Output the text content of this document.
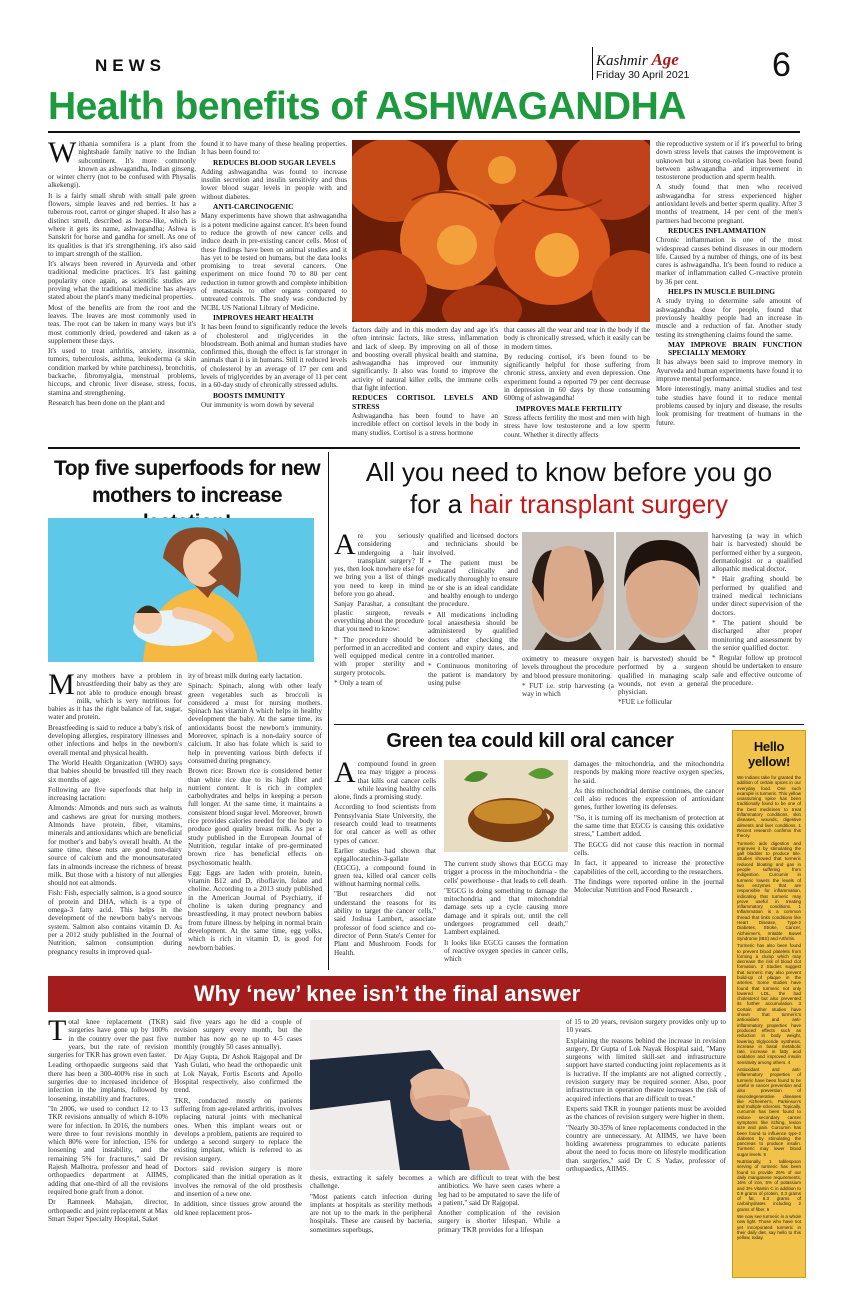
NEWS	Kashmir Age
Friday 30 April 2021 6
Health benefits of ASHWAGANDHA

Withania somnifera is a plant from the nightshade family native to the Indian subcontinent. It's more commonly known as ashwagandha, Indian ginseng, or winter cherry (not to be confused with Physalis alkekengi).

It is a fairly small shrub with small pale green flowers, simple leaves and red berries. It has a tuberous root, carrot or ginger shaped. It also has a distinct smell, described as horse-like, which is where it gets its name, ashwagandha; Ashwa is Sanskrit for horse and gandha for smell. As one of its qualities is that it's strengthening, it's also said to impart strength of the stallion.

It's always been revered in Ayurveda and other traditional medicine practices. It's fast gaining popularity once again, as scientific studies are proving what the traditional medicine has always stated about the plant's many medicinal properties.

Most of the benefits are from the root and the leaves. The leaves are most commonly used in teas. The root can be taken in many ways but it's most commonly dried, powdered and taken as a supplement these days.

It's used to treat arthritis, anxiety, insomnia, tumors, tuberculosis, asthma, leukoderma (a skin condition marked by white patchiness), bronchitis, backache, fibromyalgia, menstrual problems, hiccups, and chronic liver disease, stress, focus, stamina and strengthening.

Research has been done on the plant and

found it to have many of these healing properties. It has been found to:

REDUCES BLOOD SUGAR LEVELS

Adding ashwagandha was found to increase insulin secretion and insulin sensitivity and thus lower blood sugar levels in people with and without diabetes.

ANTI-CARCINOGENIC

Many experiments have shown that ashwagandha is a potent medicine against cancer. It's been found to reduce the growth of new cancer cells and induce death in pre-existing cancer cells. Most of these findings have been on animal studies and it has yet to be tested on humans, but the data looks promising to treat several cancers. One experiment on mice found 70 to 80 per cent reduction in tumor growth and complete inhibition of metastasis to other organs compared to untreated controls. The study was conducted by NCBI, US National Library of Medicine.

IMPROVES HEART HEALTH

It has been found to significantly reduce the levels of cholesterol and triglycerides in the bloodstream. Both animal and human studies have confirmed this, though the effect is far stronger in animals than it is in humans. Still it reduced levels of cholesterol by an average of 17 per cent and levels of triglycerides by an average of 11 per cent in a 60-day study of chronically stressed adults.

BOOSTS IMMUNITY

Our immunity is worn down by several

factors daily and in this modern day and age it's often intrinsic factors, like stress, inflammation and lack of sleep. By improving on all of those and boosting overall physical health and stamina, ashwagandha has improved our immunity significantly. It also was found to improve the activity of natural killer cells, the immune cells that fight infection.

REDUCES CORTISOL LEVELS AND STRESS

Ashwagandha has been found to have an incredible effect on cortisol levels in the body in many studies. Cortisol is a stress hormone

that causes all the wear and tear in the body if the body is chronically stressed, which it easily can be in modern times.

By reducing cortisol, it's been found to be significantly helpful for those suffering from chronic stress, anxiety and even depression. One experiment found a reported 79 per cent decrease in depression in 60 days by those consuming 600mg of ashwagandha!

IMPROVES MALE FERTILITY

Stress affects fertility the most and men with high stress have low testosterone and a low sperm count. Whether it directly affects

the reproductive system or if it's powerful to bring down stress levels that causes the improvement is unknown but a strong co-relation has been found between ashwagandha and improvement in testosterone production and sperm health.

A study found that men who received ashwagandha for stress experienced higher antioxidant levels and better sperm quality. After 3 months of treatment, 14 per cent of the men's partners had become pregnant.

REDUCES INFLAMMATION

Chronic inflammation is one of the most widespread causes behind diseases in our modern life. Caused by a number of things, one of its best cures is ashwagandha. It's been found to reduce a marker of inflammation called C-reactive protein by 36 per cent.

HELPS IN MUSCLE BUILDING

A study trying to determine safe amount of ashwagandha dose for people, found that previously healthy people had an increase in muscle and a reduction of fat. Another study testing its strengthening claims found the same.

MAY IMPROVE BRAIN FUNCTION SPECIALLY MEMORY

It has always been said to improve memory in Ayurveda and human experiments have found it to improve mental performance.

More interestingly, many animal studies and test tube studies have found it to reduce mental problems caused by injury and disease, the results look promising for treatment of humans in the future.

Top five superfoods for new mothers to increase

Many mothers have a problem in breastfeeding their baby as they are not able to produce enough breast milk, which is very nutritious for babies as it has the right balance of fat, sugar, water and protein.

Breastfeeding is said to reduce a baby's risk of developing allergies, respiratory illnesses and other infections and helps in the newborn's overall mental and physical health.

The World Health Organization (WHO) says that babies should be breastfed till they reach six months of age.

Following are five superfoods that help in increasing lactation:

Almonds: Almonds and nuts such as walnuts and cashews are great for nursing mothers. Almonds have protein, fiber, vitamins, minerals and antioxidants which are beneficial for mother's and baby's overall health. At the same time, these nuts are good non-dairy source of calcium and the monounsaturated fats in almonds increase the richness of breast milk. But those with a history of nut allergies should not eat almonds.

Fish: Fish, especially salmon, is a good source of protein and DHA, which is a type of omega-3 fatty acid. This helps in the development of the newborn baby's nervous system. Salmon also contains vitamin D. As per a 2012 study published in the Journal of Nutrition, salmon consumption during pregnancy results in improved qual-

ity of breast milk during early lactation.

Spinach: Spinach, along with other leafy green vegetables such as broccoli is considered a must for nursing mothers. Spinach has vitamin A which helps in healthy development the baby. At the same time, its antioxidants boost the newborn's immunity. Moreover, spinach is a non-dairy source of calcium. It also has folate which is said to help in preventing various birth defects if consumed during pregnancy.

Brown rice: Brown rice is considered better than white rice due to its high fiber and nutrient content. It is rich in complex carbohydrates and helps in keeping a person full longer. At the same time, it maintains a consistent blood sugar level. Moreover, brown rice provides calories needed for the body to produce good quality breast milk. As per a study published in the European Journal of Nutrition, regular intake of pre-germinated brown rice has beneficial effects on psychosomatic health.

Egg: Eggs are laden with protein, lutein, vitamin B12 and D, riboflavin, folate and choline. According to a 2013 study published in the American Journal of Psychiatry, if choline is taken during pregnancy and breastfeeding, it may protect newborn babies from future illness by helping in normal brain development. At the same time, egg yolks, which is rich in vitamin D, is good for newborn babies.

All you need to know before you go
for a hair transplant surgery

Are you seriously considering undergoing a hair transplant surgery? If yes, then look nowhere else for we bring you a list of things you need to keep in mind before you go ahead.

Sanjay Parashar, a consultant plastic surgeon, reveals everything about the procedure that you need to know:

* The procedure should be performed in an accredited and well equipped medical centre with proper sterility and surgery protocols.

* Only a team of

qualified and licensed doctors and technicians should be involved.

* The patient must be evaluated clinically and medically thoroughly to ensure he or she is an ideal candidate and healthy enough to undergo the procedure.

* All medications including local anaesthesia should be administered by qualified doctors after checking the content and expiry dates, and in a controlled manner.

* Continuous monitoring of the patient is mandatory by using pulse

oximetry to measure oxygen levels throughout the procedure and blood pressure monitoring.

* FUT i.e. strip harvesting (a way in which

hair is harvested) should be performed by a surgeon qualified in managing scalp wounds, not even a general physician.

*FUE i.e follicular

harvesting (a way in which hair is harvested) should be performed either by a surgeon, dermatologist or a qualified allopathic medical doctor.

* Hair grafting should be performed by qualified and trained medical technicians under direct supervision of the doctors.

* The patient should be discharged after proper monitoring and assessment by the senior qualified doctor.

* Regular follow up protocol should be undertaken to ensure safe and effective outcome of the procedure.

Green tea could kill oral cancer

Acompound found in green tea may trigger a process that kills oral cancer cells while leaving healthy cells alone, finds a promising study.

According to food scientists from Pennsylvania State University, the research could lead to treatments for oral cancer as well as other types of cancer.

Earlier studies had shown that epigallocatechin-3-gallate (EGCG), a compound found in green tea, killed oral cancer cells without harming normal cells.

"But researchers did not understand the reasons for its ability to target the cancer cells," said Joshua Lambert, associate professor of food science and co-director of Penn State's Center for Plant and Mushroom Foods for Health.

The current study shows that EGCG may trigger a process in the mitochondria - the cells' powerhouse - that leads to cell death.

"EGCG is doing something to damage the mitochondria and that mitochondrial damage sets up a cycle causing more damage and it spirals out, until the cell undergoes programmed cell death," Lambert explained.

It looks like EGCG causes the formation of reactive oxygen species in cancer cells, which

damages the mitochondria, and the mitochondria responds by making more reactive oxygen species, he said.

As this mitochondrial demise continues, the cancer cell also reduces the expression of antioxidant genes, further lowering its defenses.

"So, it is turning off its mechanism of protection at the same time that EGCG is causing this oxidative stress," Lambert added.

The EGCG did not cause this reaction in normal cells.

In fact, it appeared to increase the protective capabilities of the cell, according to the researchers.

The findings were reported online in the journal Molecular Nutrition and Food Research .

Hello yellow!

We Indians take for granted the addition of certain spices in our everyday food. One such example is turmeric. This yellow unassuming spice has been traditionally found to be one of the best medicines to treat inflammatory conditions, skin diseases, wounds, digestive ailments and liver conditions. 1 Recent research confirms this theory.

Turmeric aids digestion and improves it by stimulating the gall bladder to produce bile. Studies showed that turmeric reduced bloating and gas in people suffering from indigestion. Curcumin in turmeric lowers the levels of two enzymes that are responsible for inflammation, indicating that turmeric may prove useful in treating inflammatory conditions. 1 Inflammation is a common thread that links conditions like Heart Disease, Type-2 Diabetes, Stroke, Cancer, Alzheimer's, Irritable Bowel Syndrome (IBS) and Arthritis.

Turmeric has also been found to prevent blood platelets from forming a clump which may decrease the risk of blood clot formation. 2 Studies suggest that turmeric may also prevent build-up of plaque in the arteries. Some studies have found that turmeric not only lowered LDL, the bad cholesterol but also prevented its further accumulation. 3 Certain other studies have shown that turmeric's antioxidant and anti-inflammatory properties have produced effects such as reduction in body weight, lowering triglyceride synthesis, increase in basal metabolic rate, increase in fatty acid oxidation and improved insulin sensitivity among others. 4

Antioxidant and anti-inflammatory properties of turmeric have been found to be useful in cancer prevention and also prevention of neurodegenerative diseases like Alzheimer's, Parkinson's and multiple sclerosis. Topically, curcumin has been found to reduce secondary cancer symptoms like itching, lesion size and pain. Curcumin has been found to influence type-2 diabetes by stimulating the pancreas to produce insulin. Turmeric may lower blood sugar levels. 5

Nutritionally, 1 tablespoon serving of turmeric has been found to provide 26% of our daily manganese requirements, 16% of iron, 5% of potassium and 3% Vitamin C in addition to 0.9 grams of protein, 0.3 grams of fat, 6.3 grams of carbohydrates including 2 grams of fiber. 6

We now see turmeric in a whole new light. Those who have not yet incorporated turmeric in their daily diet, say hello to this yellow, today.

Why ‘new’ knee isn’t the final answer

Total knee replacement (TKR) surgeries have gone up by 100% in the country over the past five years, but the rate of revision surgeries for TKR has grown even faster.

Leading orthopaedic surgeons said that there has been a 300-400% rise in such surgeries due to increased incidence of infection in the implants, followed by loosening, instability and fractures.

"In 2006, we used to conduct 12 to 13 TKR revisions annually of which 8-10% were for infection. In 2016, the numbers were three to four revisions monthly in which 80% were for infection, 15% for loosening and instability, and the remaining 5% for fractures," said Dr Rajesh Malhotra, professor and head of orthopaedics department at AIIMS, adding that one-third of all the revisions required bone graft from a donor.

Dr Ramneek Mahajan, director, orthopaedic and joint replacement at Max Smart Super Specialty Hospital, Saket

said five years ago he did a couple of revision surgery every month, but the number has now go ne up to 4-5 cases monthly (roughly 50 cases annually).

Dr Ajay Gupta, Dr Ashok Rajgopal and Dr Yash Gulati, who head the orthopaedic unit at Lok Nayak, Fortis Escorts and Apollo Hospital respectively, also confirmed the trend.

TKR, conducted mostly on patients suffering from age-related arthritis, involves replacing natural joints with mechanical ones. When this implant wears out or develops a problem, patients are required to undergo a second surgery to replace the existing implant, which is referred to as revision surgery.

Doctors said revision surgery is more complicated than the initial operation as it involves the removal of the old prosthesis and insertion of a new one.

In addition, since tissues grow around the old knee replacement pros-

thesis, extracting it safely becomes a challenge.

"Most patients catch infection during implants at hospitals as sterility methods are not up to the mark in the peripheral hospitals. These are caused by bacteria, sometimes superbugs,

which are difficult to treat with the best antibiotics. We have seen cases where a leg had to be amputated to save the life of a patient," said Dr Rajgopal.

Another complication of the revision surgery is shorter lifespan. While a primary TKR provides for a lifespan

of 15 to 20 years, revision surgery provides only up to 10 years.

Explaining the reasons behind the increase in revision surgery, Dr Gupta of Lok Nayak Hospital said, "Many surgeons with limited skill-set and infrastructure support have started conducting joint replacements as it is lucrative. If the implants are not aligned correctly , revision surgery may be required sooner. Also, poor infrastructure in operation theatre increases the risk of acquired infections that are difficult to treat."

Experts said TKR in younger patients must be avoided as the chances of revision surgery were higher in them.

"Nearly 30-35% of knee replacements conducted in the country are unnecessary. At AIIMS, we have been holding awareness programmes to educate patients about the need to focus more on lifestyle modification than surgeries," said Dr C S Yadav, professor of orthopaedics, AIIMS.
